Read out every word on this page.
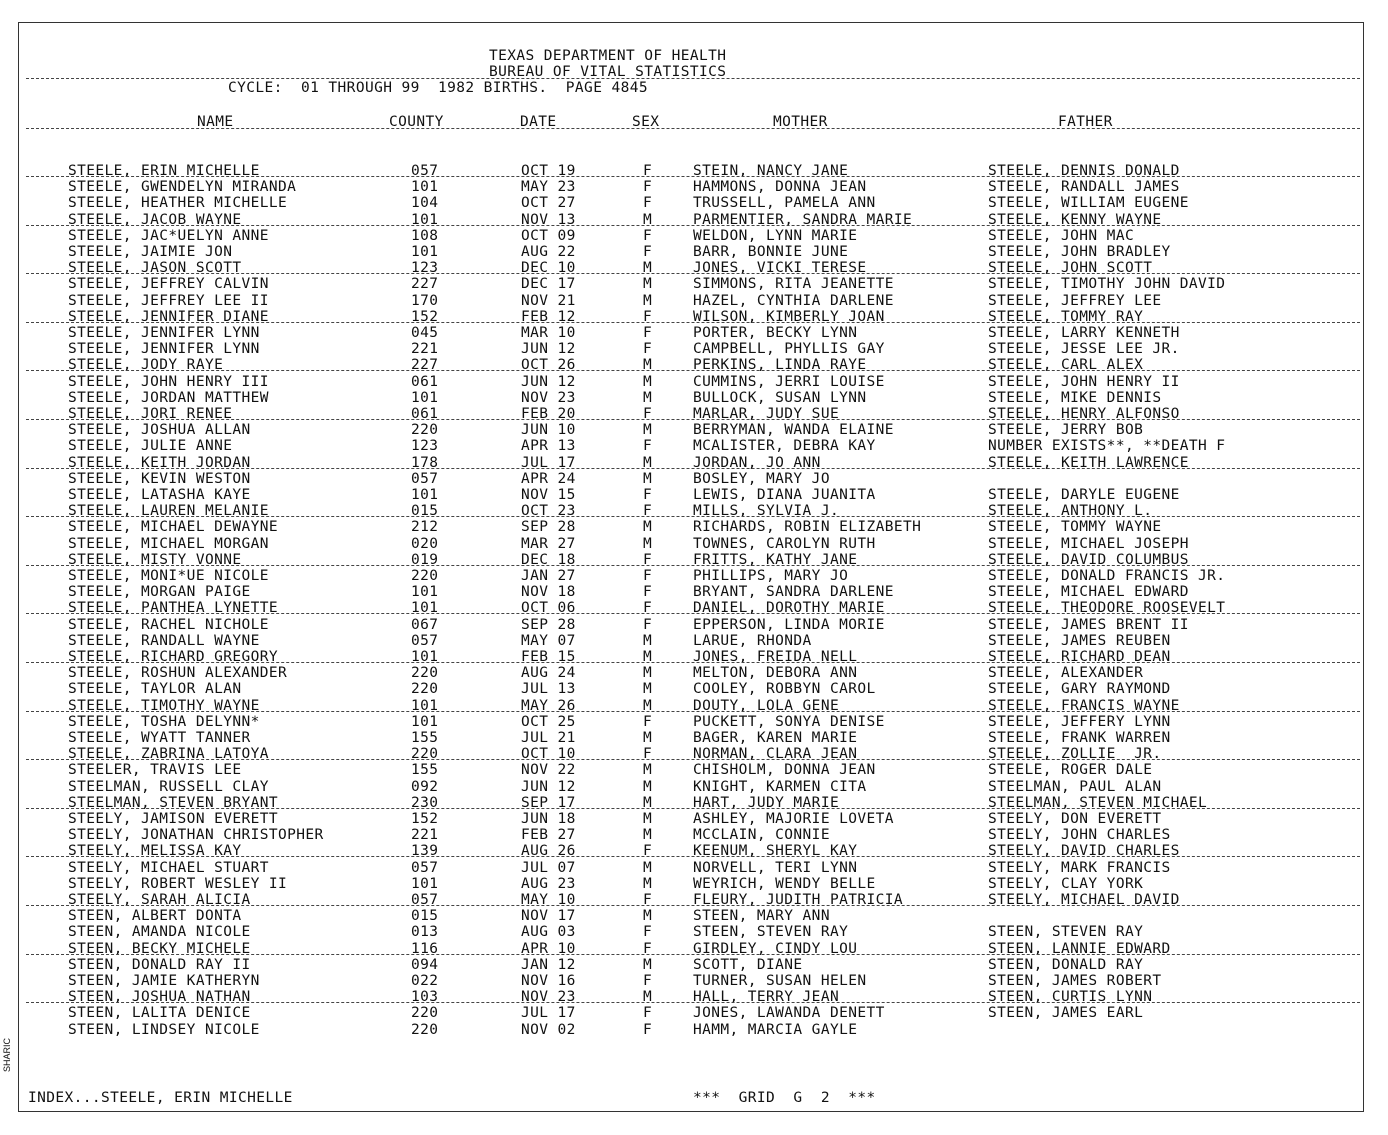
TEXAS DEPARTMENT OF HEALTH
BUREAU OF VITAL STATISTICS
CYCLE:  01 THROUGH 99  1982 BIRTHS.  PAGE 4845
NAME	COUNTY	DATE	SEX	MOTHER	FATHER
STEELE, ERIN MICHELLE	057	OCT 19	F	STEIN, NANCY JANE	STEELE, DENNIS DONALD
STEELE, GWENDELYN MIRANDA	101	MAY 23	F	HAMMONS, DONNA JEAN	STEELE, RANDALL JAMES
STEELE, HEATHER MICHELLE	104	OCT 27	F	TRUSSELL, PAMELA ANN	STEELE, WILLIAM EUGENE
STEELE, JACOB WAYNE	101	NOV 13	M	PARMENTIER, SANDRA MARIE	STEELE, KENNY WAYNE
STEELE, JAC*UELYN ANNE	108	OCT 09	F	WELDON, LYNN MARIE	STEELE, JOHN MAC
STEELE, JAIMIE JON	101	AUG 22	F	BARR, BONNIE JUNE	STEELE, JOHN BRADLEY
STEELE, JASON SCOTT	123	DEC 10	M	JONES, VICKI TERESE	STEELE, JOHN SCOTT
STEELE, JEFFREY CALVIN	227	DEC 17	M	SIMMONS, RITA JEANETTE	STEELE, TIMOTHY JOHN DAVID
STEELE, JEFFREY LEE II	170	NOV 21	M	HAZEL, CYNTHIA DARLENE	STEELE, JEFFREY LEE
STEELE, JENNIFER DIANE	152	FEB 12	F	WILSON, KIMBERLY JOAN	STEELE, TOMMY RAY
STEELE, JENNIFER LYNN	045	MAR 10	F	PORTER, BECKY LYNN	STEELE, LARRY KENNETH
STEELE, JENNIFER LYNN	221	JUN 12	F	CAMPBELL, PHYLLIS GAY	STEELE, JESSE LEE JR.
STEELE, JODY RAYE	227	OCT 26	M	PERKINS, LINDA RAYE	STEELE, CARL ALEX
STEELE, JOHN HENRY III	061	JUN 12	M	CUMMINS, JERRI LOUISE	STEELE, JOHN HENRY II
STEELE, JORDAN MATTHEW	101	NOV 23	M	BULLOCK, SUSAN LYNN	STEELE, MIKE DENNIS
STEELE, JORI RENEE	061	FEB 20	F	MARLAR, JUDY SUE	STEELE, HENRY ALFONSO
STEELE, JOSHUA ALLAN	220	JUN 10	M	BERRYMAN, WANDA ELAINE	STEELE, JERRY BOB
STEELE, JULIE ANNE	123	APR 13	F	MCALISTER, DEBRA KAY	NUMBER EXISTS**, **DEATH F
STEELE, KEITH JORDAN	178	JUL 17	M	JORDAN, JO ANN	STEELE, KEITH LAWRENCE
STEELE, KEVIN WESTON	057	APR 24	M	BOSLEY, MARY JO
STEELE, LATASHA KAYE	101	NOV 15	F	LEWIS, DIANA JUANITA	STEELE, DARYLE EUGENE
STEELE, LAUREN MELANIE	015	OCT 23	F	MILLS, SYLVIA J.	STEELE, ANTHONY L.
STEELE, MICHAEL DEWAYNE	212	SEP 28	M	RICHARDS, ROBIN ELIZABETH	STEELE, TOMMY WAYNE
STEELE, MICHAEL MORGAN	020	MAR 27	M	TOWNES, CAROLYN RUTH	STEELE, MICHAEL JOSEPH
STEELE, MISTY VONNE	019	DEC 18	F	FRITTS, KATHY JANE	STEELE, DAVID COLUMBUS
STEELE, MONI*UE NICOLE	220	JAN 27	F	PHILLIPS, MARY JO	STEELE, DONALD FRANCIS JR.
STEELE, MORGAN PAIGE	101	NOV 18	F	BRYANT, SANDRA DARLENE	STEELE, MICHAEL EDWARD
STEELE, PANTHEA LYNETTE	101	OCT 06	F	DANIEL, DOROTHY MARIE	STEELE, THEODORE ROOSEVELT
STEELE, RACHEL NICHOLE	067	SEP 28	F	EPPERSON, LINDA MORIE	STEELE, JAMES BRENT II
STEELE, RANDALL WAYNE	057	MAY 07	M	LARUE, RHONDA	STEELE, JAMES REUBEN
STEELE, RICHARD GREGORY	101	FEB 15	M	JONES, FREIDA NELL	STEELE, RICHARD DEAN
STEELE, ROSHUN ALEXANDER	220	AUG 24	M	MELTON, DEBORA ANN	STEELE, ALEXANDER
STEELE, TAYLOR ALAN	220	JUL 13	M	COOLEY, ROBBYN CAROL	STEELE, GARY RAYMOND
STEELE, TIMOTHY WAYNE	101	MAY 26	M	DOUTY, LOLA GENE	STEELE, FRANCIS WAYNE
STEELE, TOSHA DELYNN*	101	OCT 25	F	PUCKETT, SONYA DENISE	STEELE, JEFFERY LYNN
STEELE, WYATT TANNER	155	JUL 21	M	BAGER, KAREN MARIE	STEELE, FRANK WARREN
STEELE, ZABRINA LATOYA	220	OCT 10	F	NORMAN, CLARA JEAN	STEELE, ZOLLIE  JR.
STEELER, TRAVIS LEE	155	NOV 22	M	CHISHOLM, DONNA JEAN	STEELE, ROGER DALE
STEELMAN, RUSSELL CLAY	092	JUN 12	M	KNIGHT, KARMEN CITA	STEELMAN, PAUL ALAN
STEELMAN, STEVEN BRYANT	230	SEP 17	M	HART, JUDY MARIE	STEELMAN, STEVEN MICHAEL
STEELY, JAMISON EVERETT	152	JUN 18	M	ASHLEY, MAJORIE LOVETA	STEELY, DON EVERETT
STEELY, JONATHAN CHRISTOPHER	221	FEB 27	M	MCCLAIN, CONNIE	STEELY, JOHN CHARLES
STEELY, MELISSA KAY	139	AUG 26	F	KEENUM, SHERYL KAY	STEELY, DAVID CHARLES
STEELY, MICHAEL STUART	057	JUL 07	M	NORVELL, TERI LYNN	STEELY, MARK FRANCIS
STEELY, ROBERT WESLEY II	101	AUG 23	M	WEYRICH, WENDY BELLE	STEELY, CLAY YORK
STEELY, SARAH ALICIA	057	MAY 10	F	FLEURY, JUDITH PATRICIA	STEELY, MICHAEL DAVID
STEEN, ALBERT DONTA	015	NOV 17	M	STEEN, MARY ANN
STEEN, AMANDA NICOLE	013	AUG 03	F	STEEN, STEVEN RAY	STEEN, STEVEN RAY
STEEN, BECKY MICHELE	116	APR 10	F	GIRDLEY, CINDY LOU	STEEN, LANNIE EDWARD
STEEN, DONALD RAY II	094	JAN 12	M	SCOTT, DIANE	STEEN, DONALD RAY
STEEN, JAMIE KATHERYN	022	NOV 16	F	TURNER, SUSAN HELEN	STEEN, JAMES ROBERT
STEEN, JOSHUA NATHAN	103	NOV 23	M	HALL, TERRY JEAN	STEEN, CURTIS LYNN
STEEN, LALITA DENICE	220	JUL 17	F	JONES, LAWANDA DENETT	STEEN, JAMES EARL
STEEN, LINDSEY NICOLE	220	NOV 02	F	HAMM, MARCIA GAYLE
INDEX...STEELE, ERIN MICHELLE	***  GRID  G  2  ***
SHARIC
